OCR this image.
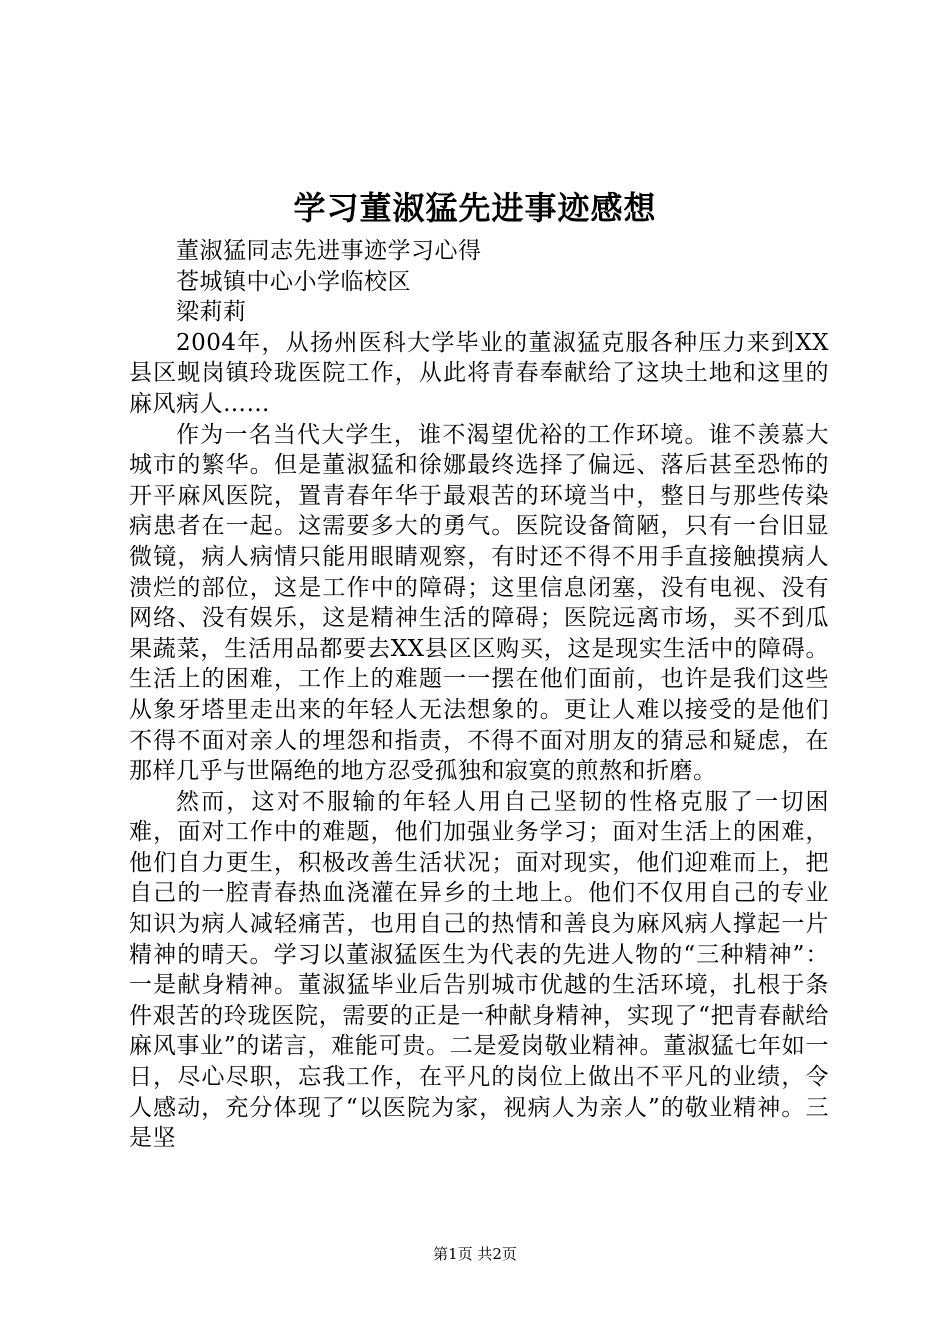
学习董淑猛先进事迹感想

董淑猛同志先进事迹学习心得

苍城镇中心小学临校区

梁莉莉

2004年，从扬州医科大学毕业的董淑猛克服各种压力来到XX县区蚬岗镇玲珑医院工作，从此将青春奉献给了这块土地和这里的麻风病人……

作为一名当代大学生，谁不渴望优裕的工作环境。谁不羡慕大城市的繁华。但是董淑猛和徐娜最终选择了偏远、落后甚至恐怖的开平麻风医院，置青春年华于最艰苦的环境当中，整日与那些传染病患者在一起。这需要多大的勇气。医院设备简陋，只有一台旧显微镜，病人病情只能用眼睛观察，有时还不得不用手直接触摸病人溃烂的部位，这是工作中的障碍；这里信息闭塞，没有电视、没有网络、没有娱乐，这是精神生活的障碍；医院远离市场，买不到瓜果蔬菜，生活用品都要去XX县区区购买，这是现实生活中的障碍。生活上的困难，工作上的难题一一摆在他们面前，也许是我们这些从象牙塔里走出来的年轻人无法想象的。更让人难以接受的是他们不得不面对亲人的埋怨和指责，不得不面对朋友的猜忌和疑虑，在那样几乎与世隔绝的地方忍受孤独和寂寞的煎熬和折磨。

然而，这对不服输的年轻人用自己坚韧的性格克服了一切困难，面对工作中的难题，他们加强业务学习；面对生活上的困难，他们自力更生，积极改善生活状况；面对现实，他们迎难而上，把自己的一腔青春热血浇灌在异乡的土地上。他们不仅用自己的专业知识为病人减轻痛苦，也用自己的热情和善良为麻风病人撑起一片精神的晴天。学习以董淑猛医生为代表的先进人物的“三种精神”：一是献身精神。董淑猛毕业后告别城市优越的生活环境，扎根于条件艰苦的玲珑医院，需要的正是一种献身精神，实现了“把青春献给麻风事业”的诺言，难能可贵。二是爱岗敬业精神。董淑猛七年如一日，尽心尽职，忘我工作，在平凡的岗位上做出不平凡的业绩，令人感动，充分体现了“以医院为家，视病人为亲人”的敬业精神。三是坚

第1页 共2页
